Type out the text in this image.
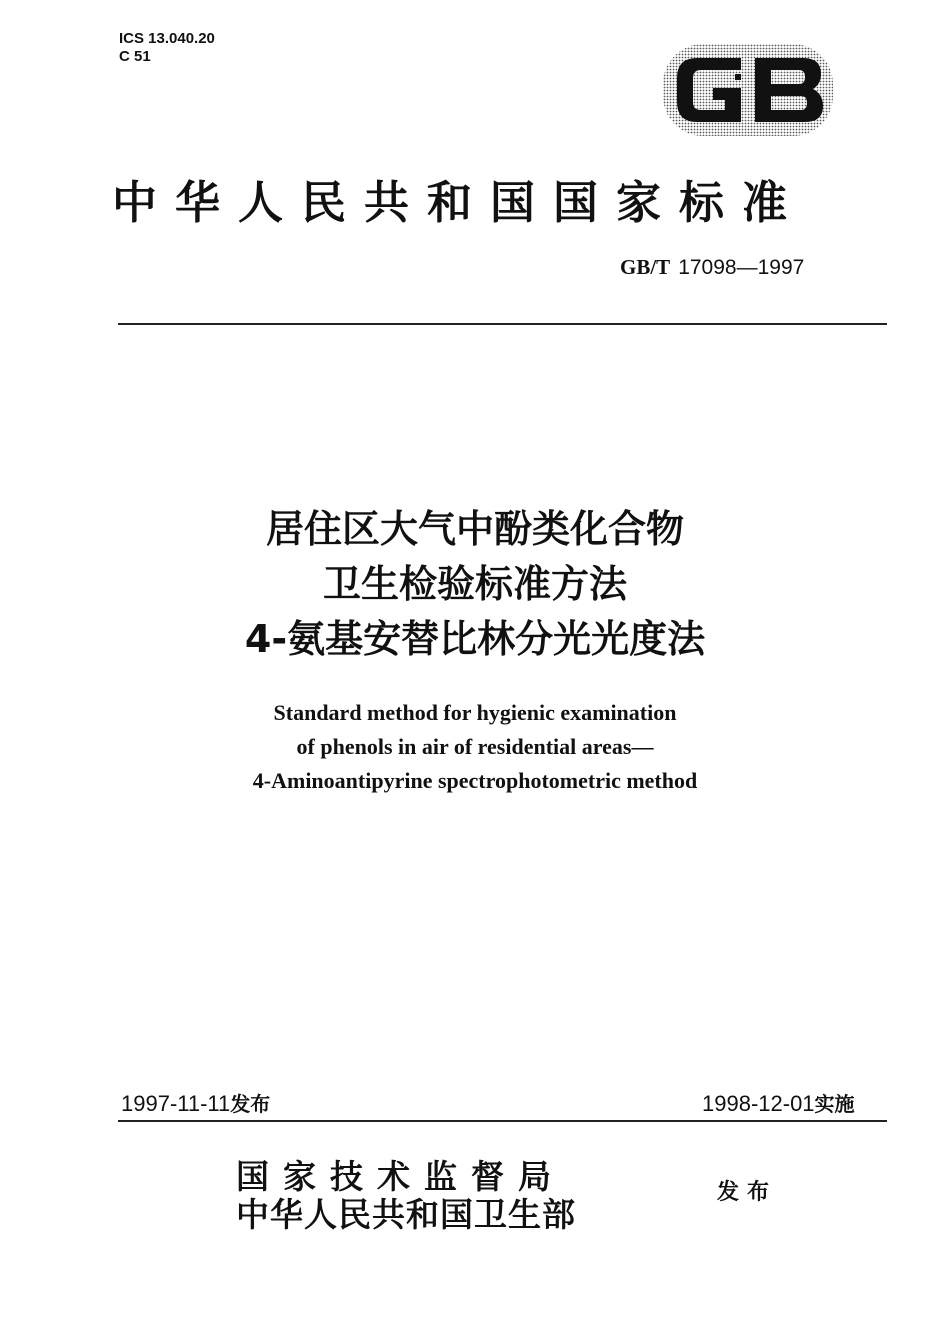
ICS 13.040.20
C 51
中华人民共和国国家标准
GB/T 17098—1997
居住区大气中酚类化合物
卫生检验标准方法
4-氨基安替比林分光光度法
Standard method for hygienic examination
of phenols in air of residential areas—
4-Aminoantipyrine spectrophotometric method
1997-11-11发布	1998-12-01实施
国家技术监督局
中华人民共和国卫生部
发布
